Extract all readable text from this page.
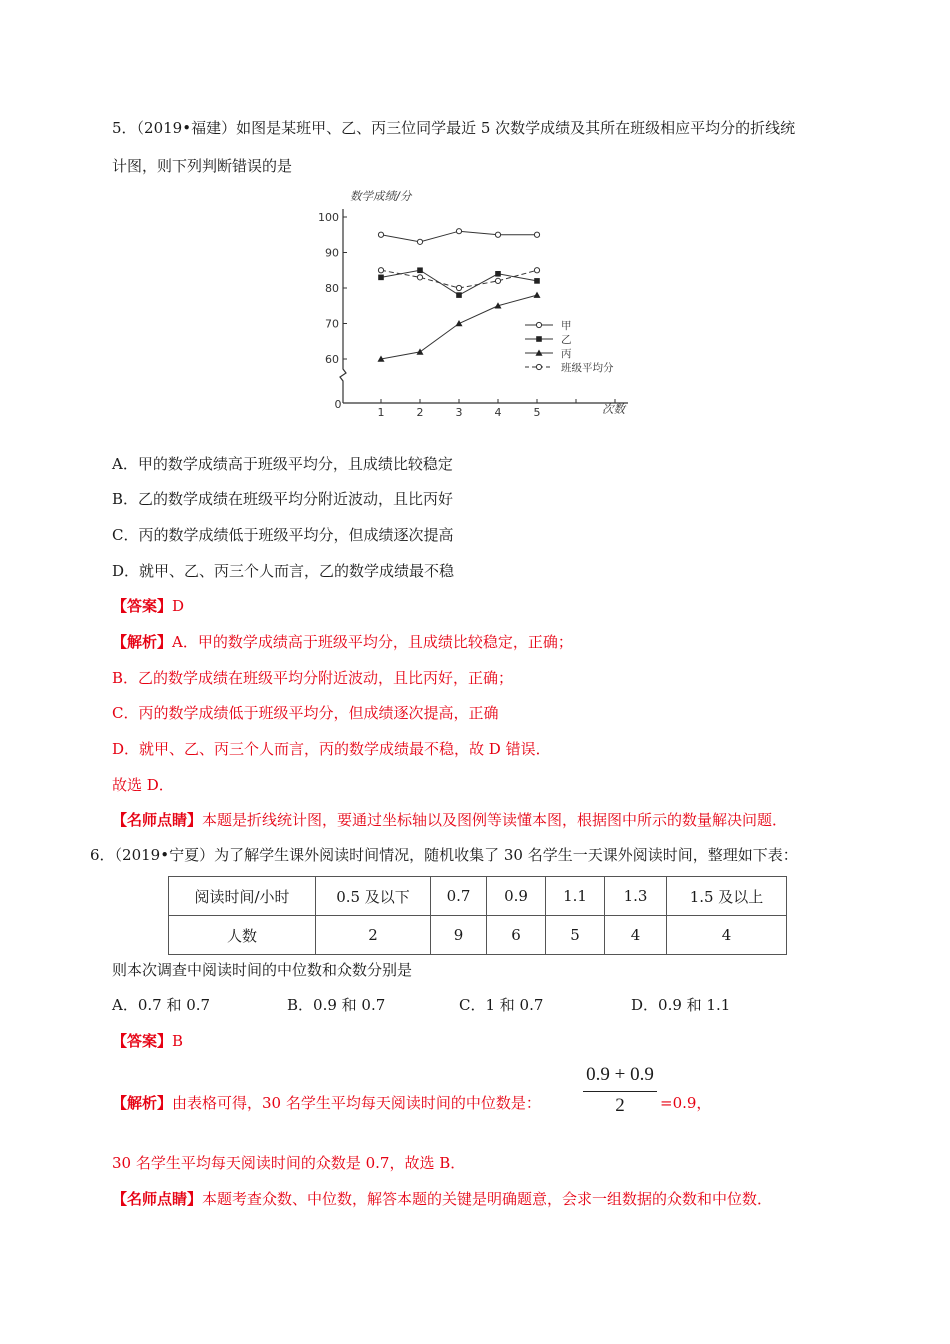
5．（2019•福建）如图是某班甲、乙、丙三位同学最近 5 次数学成绩及其所在班级相应平均分的折线统
计图，则下列判断错误的是
60
70
80
90
100
1	2	3	4	5
0
数学成绩/分
次数
甲
乙
丙
班级平均分
A．甲的数学成绩高于班级平均分，且成绩比较稳定
B．乙的数学成绩在班级平均分附近波动，且比丙好
C．丙的数学成绩低于班级平均分，但成绩逐次提高
D．就甲、乙、丙三个人而言，乙的数学成绩最不稳
【答案】D
【解析】A．甲的数学成绩高于班级平均分，且成绩比较稳定，正确；
B．乙的数学成绩在班级平均分附近波动，且比丙好，正确；
C．丙的数学成绩低于班级平均分，但成绩逐次提高，正确
D．就甲、乙、丙三个人而言，丙的数学成绩最不稳，故 D 错误．
故选 D．
【名师点睛】本题是折线统计图，要通过坐标轴以及图例等读懂本图，根据图中所示的数量解决问题．
6．（2019•宁夏）为了解学生课外阅读时间情况，随机收集了 30 名学生一天课外阅读时间，整理如下表：
阅读时间/小时	0.5 及以下	0.7	0.9	1.1	1.3	1.5 及以上
人数	2	9	6	5	4	4
则本次调查中阅读时间的中位数和众数分别是
A．0.7 和 0.7	B．0.9 和 0.7	C．1 和 0.7	D．0.9 和 1.1
【答案】B
【解析】由表格可得，30 名学生平均每天阅读时间的中位数是：
0.9 + 0.9
2	=0.9，
30 名学生平均每天阅读时间的众数是 0.7，故选 B．
【名师点睛】本题考查众数、中位数，解答本题的关键是明确题意，会求一组数据的众数和中位数．
